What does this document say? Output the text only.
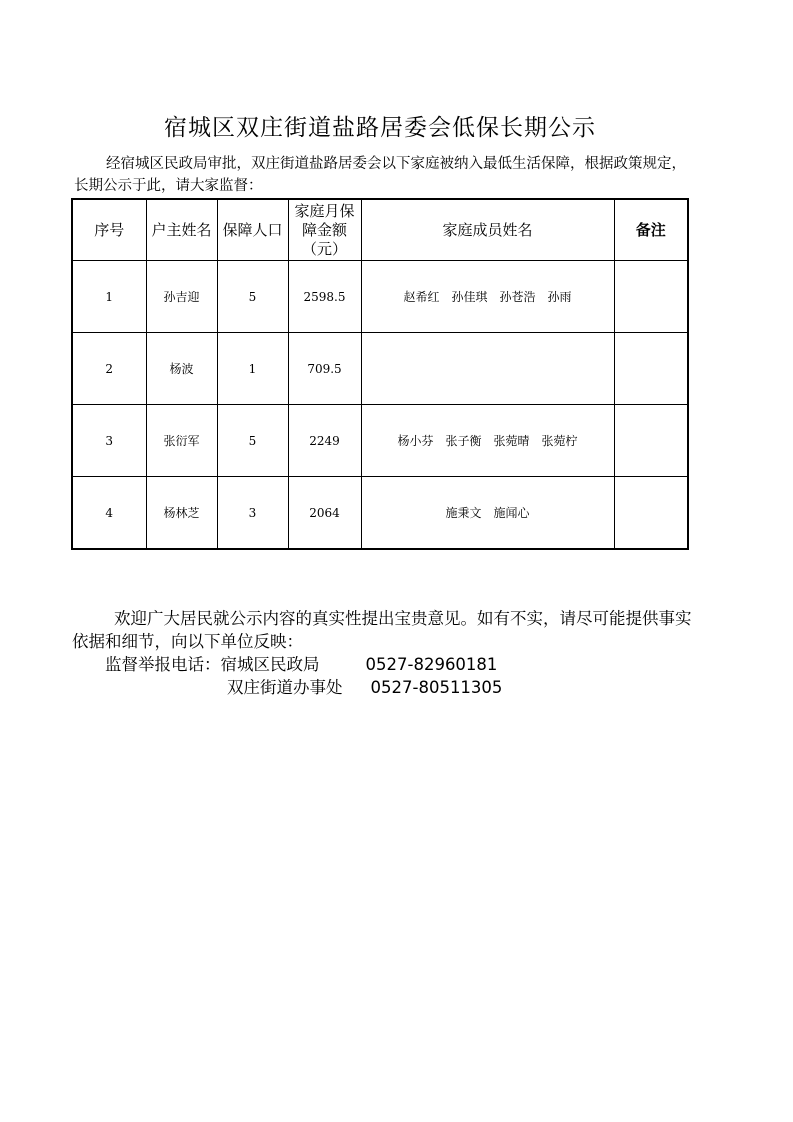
宿城区双庄街道盐路居委会低保长期公示
经宿城区民政局审批，双庄街道盐路居委会以下家庭被纳入最低生活保障，根据政策规定，长期公示于此，请大家监督：
序号	户主姓名	保障人口	家庭月保障金额（元）	家庭成员姓名	备注
1	孙吉迎	5	2598.5	赵希红 孙佳琪 孙苍浩 孙雨	
2	杨波	1	709.5		
3	张衍军	5	2249	杨小芬 张子衡 张菀晴 张菀柠	
4	杨林芝	3	2064	施秉文 施闻心	
欢迎广大居民就公示内容的真实性提出宝贵意见。如有不实，请尽可能提供事实依据和细节，向以下单位反映：
监督举报电话：宿城区民政局	0527-82960181
双庄街道办事处 0527-80511305
